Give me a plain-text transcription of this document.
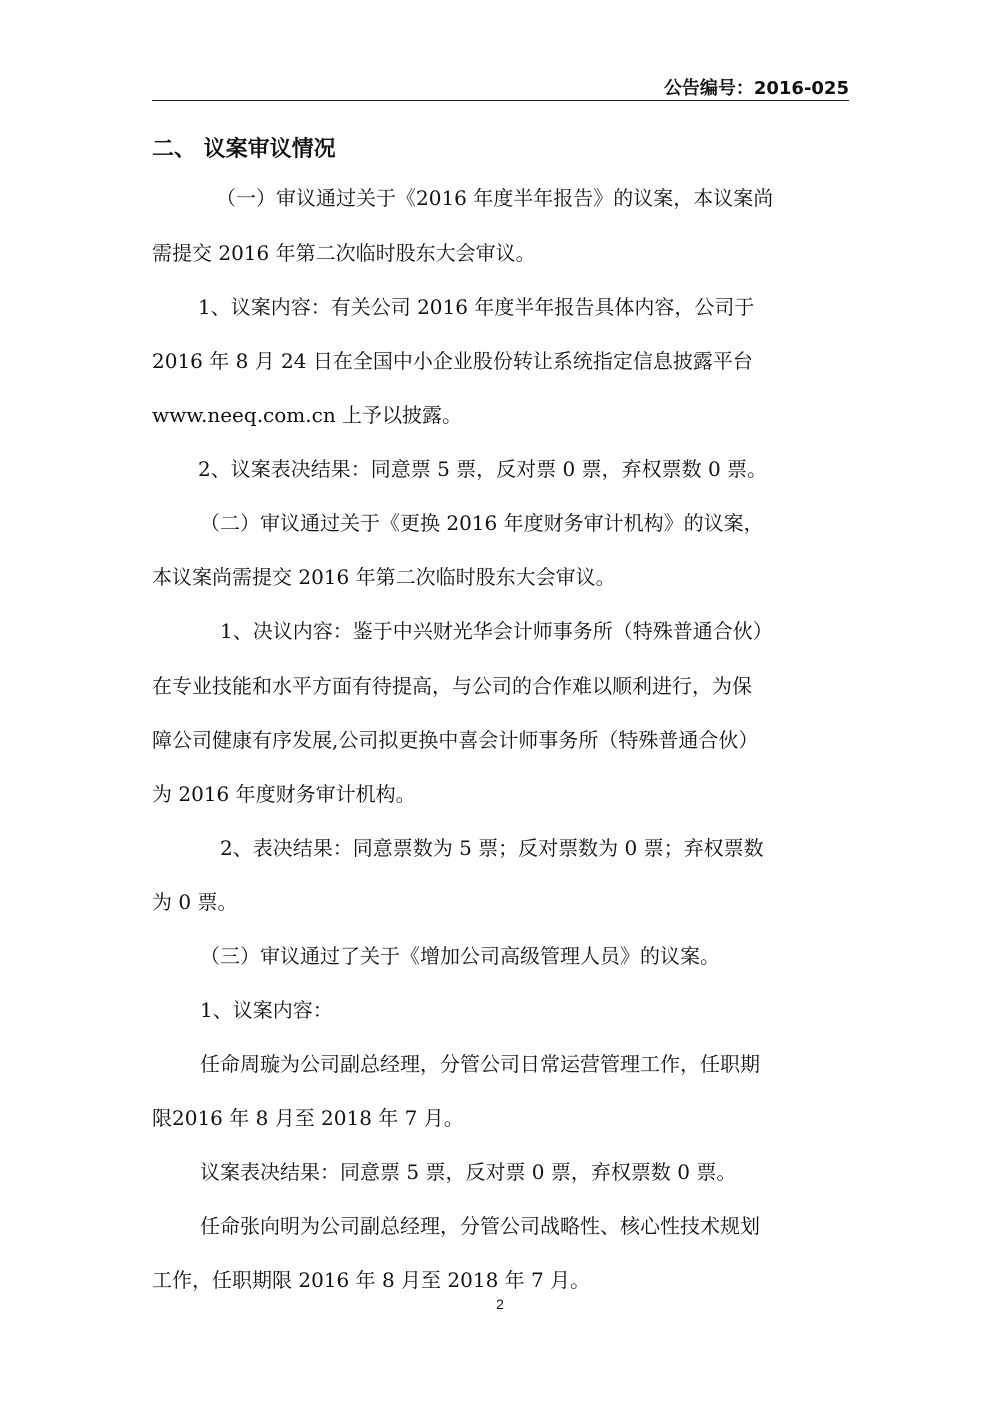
公告编号：2016-025
二、 议案审议情况
（一）审议通过关于《2016 年度半年报告》的议案，本议案尚
需提交 2016 年第二次临时股东大会审议。
1、议案内容：有关公司 2016 年度半年报告具体内容，公司于
2016 年 8 月 24 日在全国中小企业股份转让系统指定信息披露平台
www.neeq.com.cn 上予以披露。
2、议案表决结果：同意票 5 票，反对票 0 票，弃权票数 0 票。
（二）审议通过关于《更换 2016 年度财务审计机构》的议案，
本议案尚需提交 2016 年第二次临时股东大会审议。
1、决议内容：鉴于中兴财光华会计师事务所（特殊普通合伙）
在专业技能和水平方面有待提高，与公司的合作难以顺利进行，为保
障公司健康有序发展,公司拟更换中喜会计师事务所（特殊普通合伙）
为 2016 年度财务审计机构。
2、表决结果：同意票数为 5 票；反对票数为 0 票；弃权票数
为 0 票。
（三）审议通过了关于《增加公司高级管理人员》的议案。
1、议案内容：
任命周璇为公司副总经理，分管公司日常运营管理工作，任职期
限2016 年 8 月至 2018 年 7 月。
议案表决结果：同意票 5 票，反对票 0 票，弃权票数 0 票。
任命张向明为公司副总经理，分管公司战略性、核心性技术规划
工作，任职期限 2016 年 8 月至 2018 年 7 月。
2
